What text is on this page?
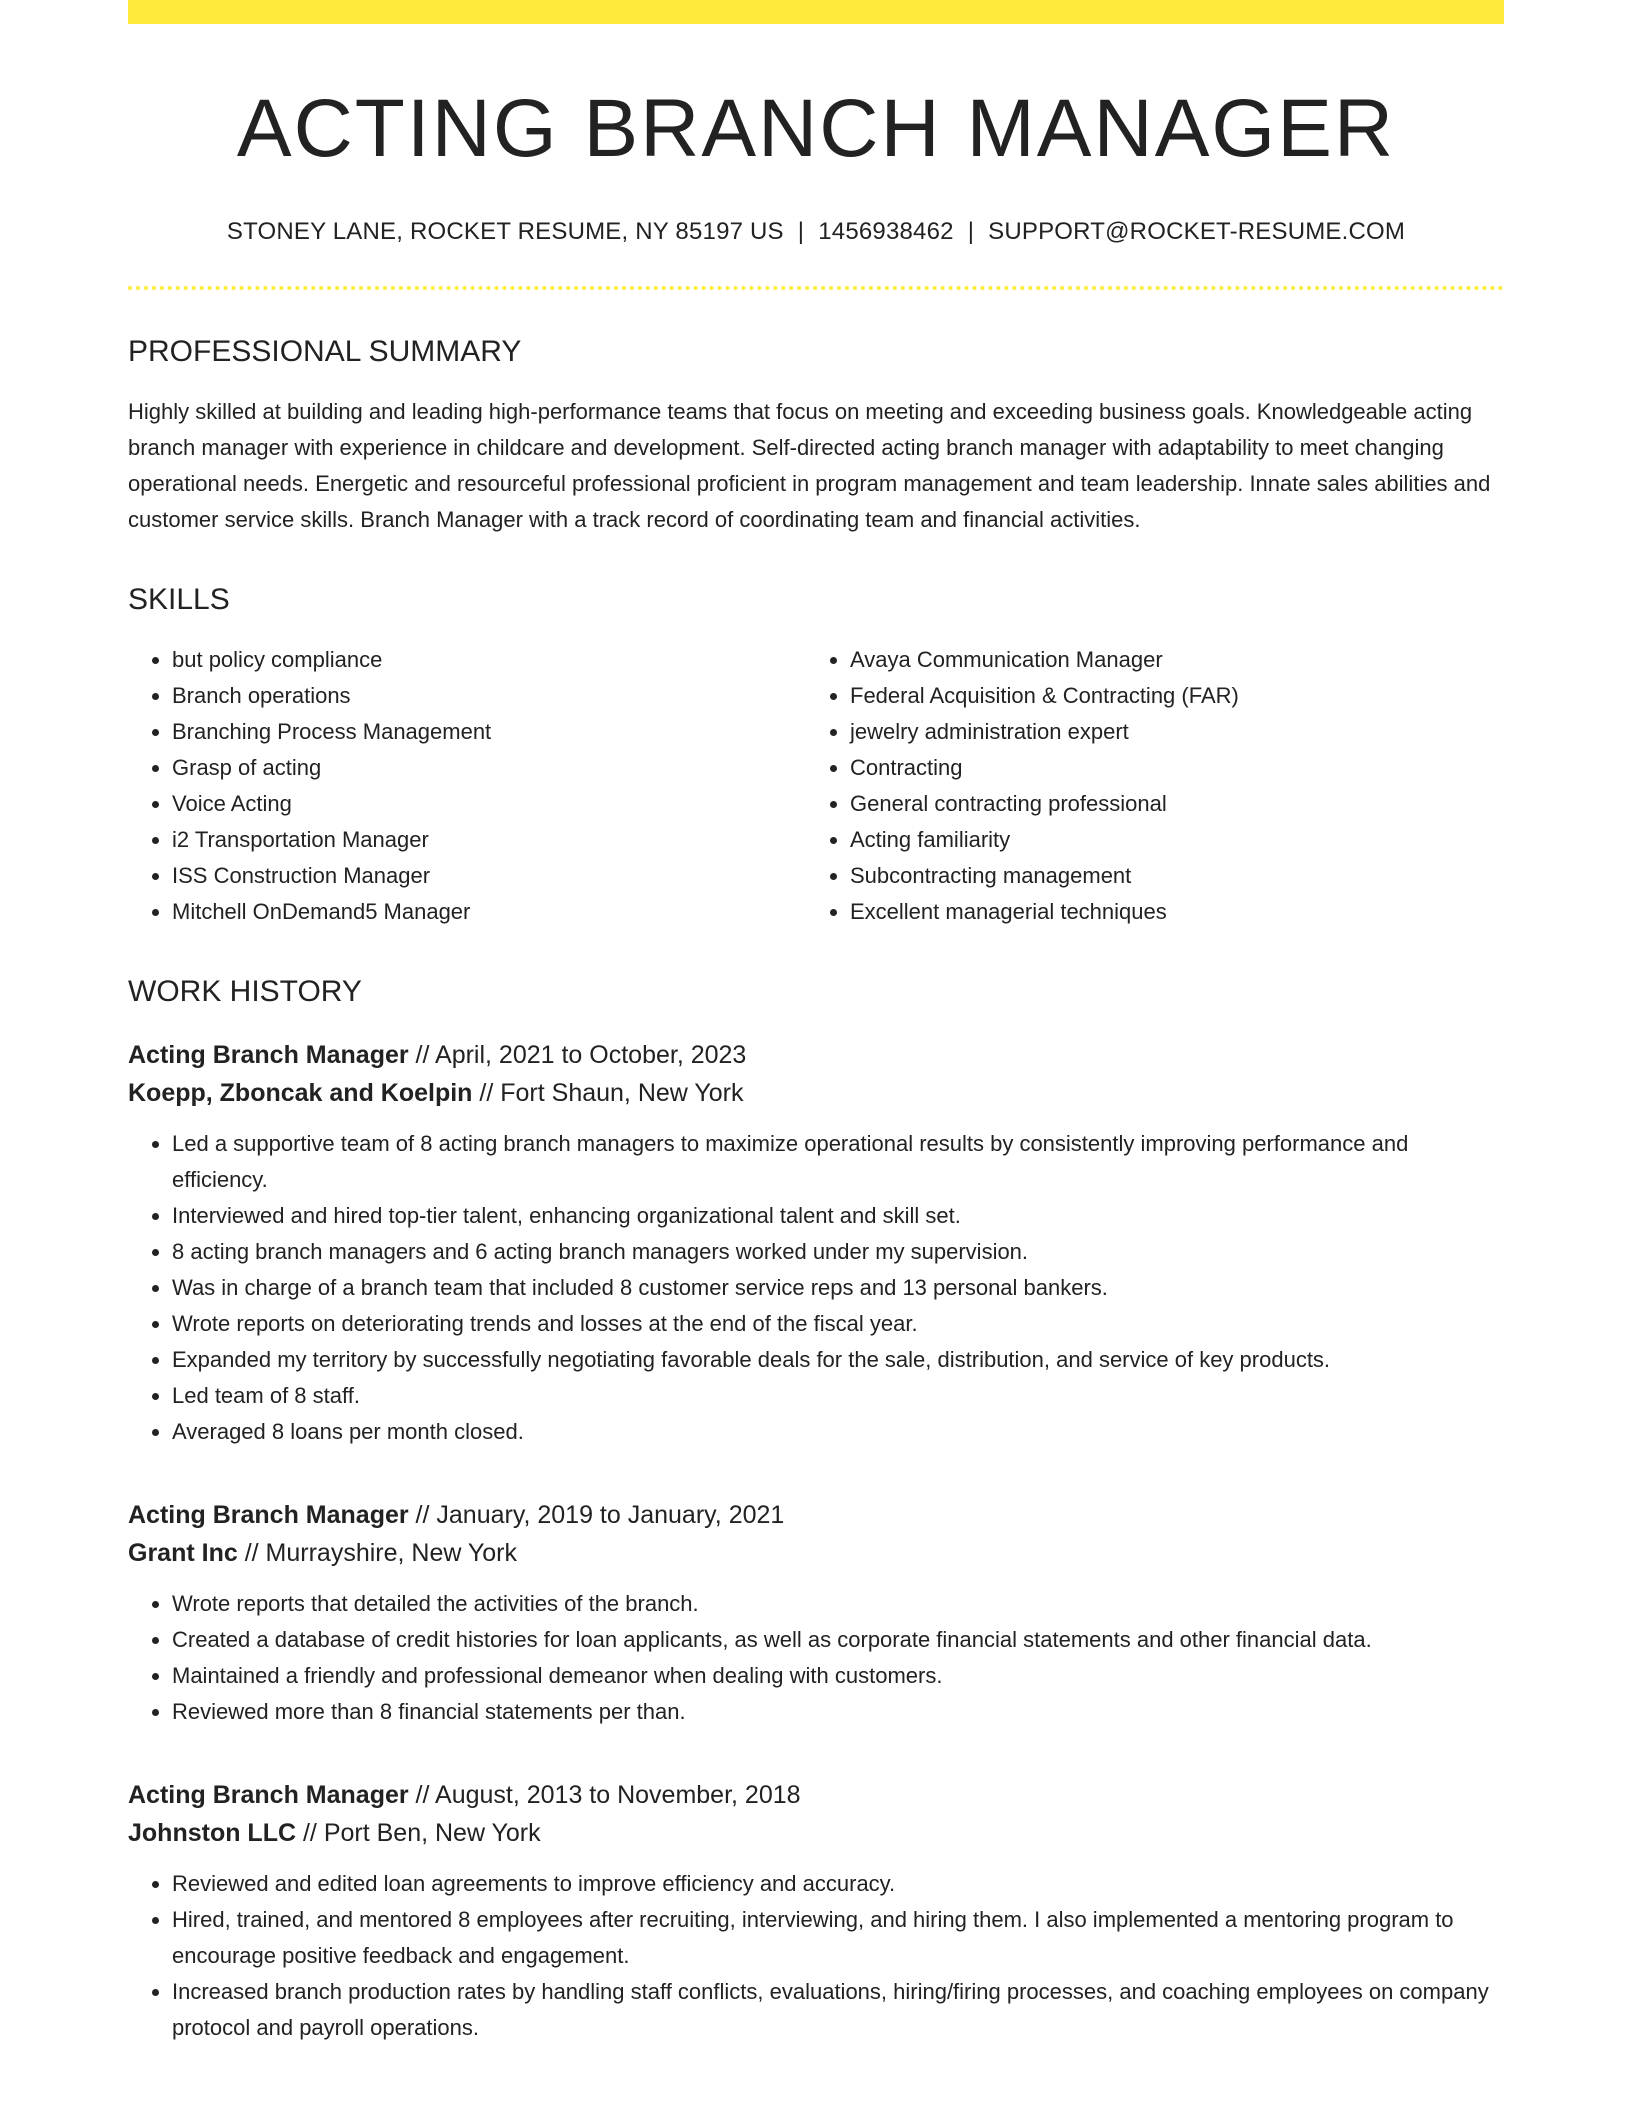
ACTING BRANCH MANAGER
STONEY LANE, ROCKET RESUME, NY 85197 US | 1456938462 | SUPPORT@ROCKET-RESUME.COM
PROFESSIONAL SUMMARY
Highly skilled at building and leading high-performance teams that focus on meeting and exceeding business goals. Knowledgeable acting branch manager with experience in childcare and development. Self-directed acting branch manager with adaptability to meet changing operational needs. Energetic and resourceful professional proficient in program management and team leadership. Innate sales abilities and customer service skills. Branch Manager with a track record of coordinating team and financial activities.
SKILLS
• but policy compliance
• Branch operations
• Branching Process Management
• Grasp of acting
• Voice Acting
• i2 Transportation Manager
• ISS Construction Manager
• Mitchell OnDemand5 Manager
• Avaya Communication Manager
• Federal Acquisition & Contracting (FAR)
• jewelry administration expert
• Contracting
• General contracting professional
• Acting familiarity
• Subcontracting management
• Excellent managerial techniques
WORK HISTORY
Acting Branch Manager // April, 2021 to October, 2023
Koepp, Zboncak and Koelpin // Fort Shaun, New York
• Led a supportive team of 8 acting branch managers to maximize operational results by consistently improving performance and efficiency.
• Interviewed and hired top-tier talent, enhancing organizational talent and skill set.
• 8 acting branch managers and 6 acting branch managers worked under my supervision.
• Was in charge of a branch team that included 8 customer service reps and 13 personal bankers.
• Wrote reports on deteriorating trends and losses at the end of the fiscal year.
• Expanded my territory by successfully negotiating favorable deals for the sale, distribution, and service of key products.
• Led team of 8 staff.
• Averaged 8 loans per month closed.
Acting Branch Manager // January, 2019 to January, 2021
Grant Inc // Murrayshire, New York
• Wrote reports that detailed the activities of the branch.
• Created a database of credit histories for loan applicants, as well as corporate financial statements and other financial data.
• Maintained a friendly and professional demeanor when dealing with customers.
• Reviewed more than 8 financial statements per than.
Acting Branch Manager // August, 2013 to November, 2018
Johnston LLC // Port Ben, New York
• Reviewed and edited loan agreements to improve efficiency and accuracy.
• Hired, trained, and mentored 8 employees after recruiting, interviewing, and hiring them. I also implemented a mentoring program to encourage positive feedback and engagement.
• Increased branch production rates by handling staff conflicts, evaluations, hiring/firing processes, and coaching employees on company protocol and payroll operations.
